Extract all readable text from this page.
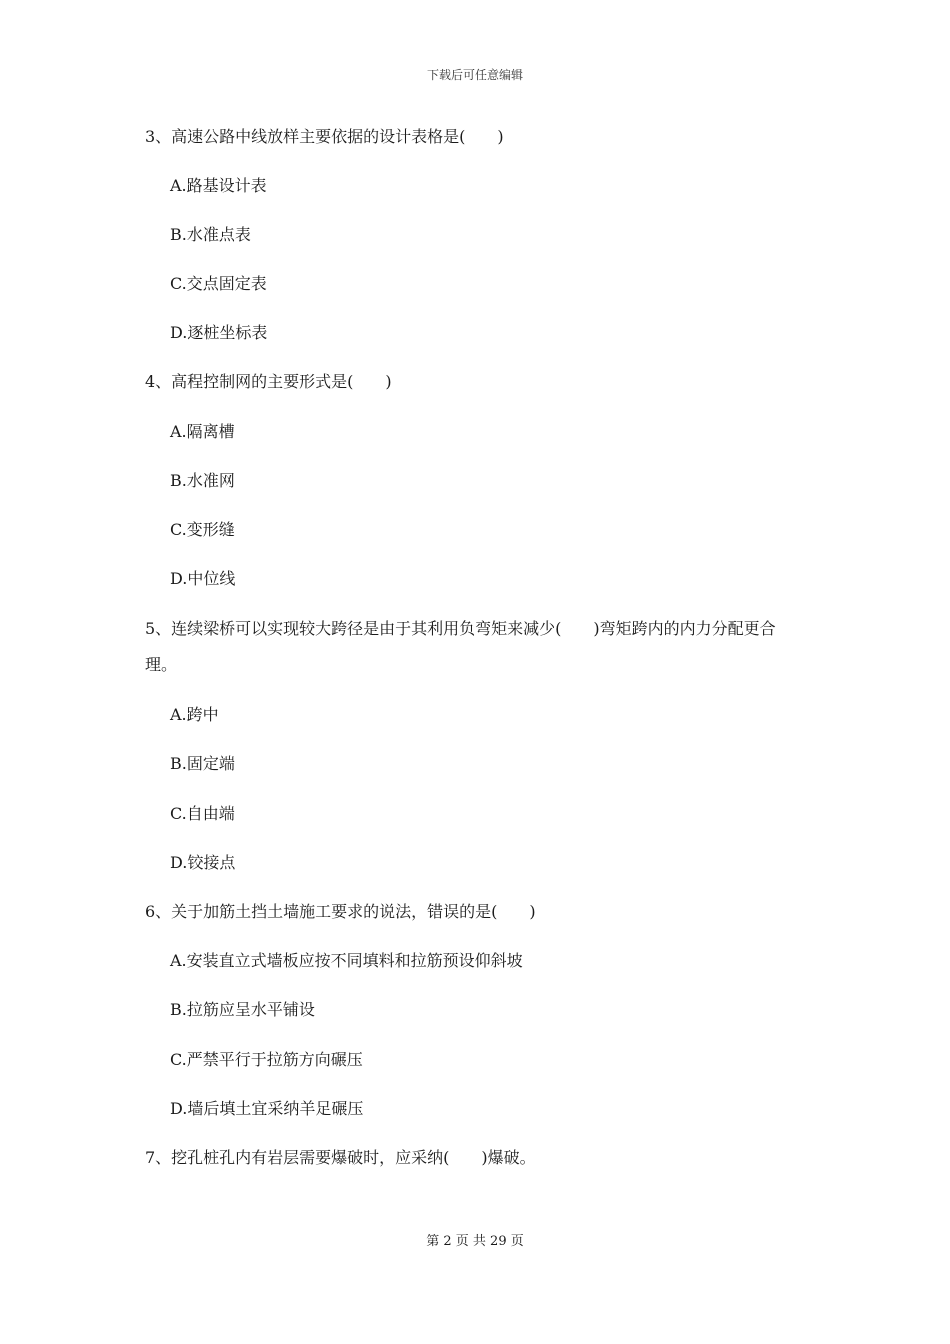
下载后可任意编辑
3、高速公路中线放样主要依据的设计表格是(　　)
A.路基设计表
B.水准点表
C.交点固定表
D.逐桩坐标表
4、高程控制网的主要形式是(　　)
A.隔离槽
B.水准网
C.变形缝
D.中位线
5、连续梁桥可以实现较大跨径是由于其利用负弯矩来减少(　　)弯矩跨内的内力分配更合
理。
A.跨中
B.固定端
C.自由端
D.铰接点
6、关于加筋土挡土墙施工要求的说法，错误的是(　　)
A.安装直立式墙板应按不同填料和拉筋预设仰斜坡
B.拉筋应呈水平铺设
C.严禁平行于拉筋方向碾压
D.墙后填土宜采纳羊足碾压
7、挖孔桩孔内有岩层需要爆破时，应采纳(　　)爆破。
第 2 页 共 29 页
